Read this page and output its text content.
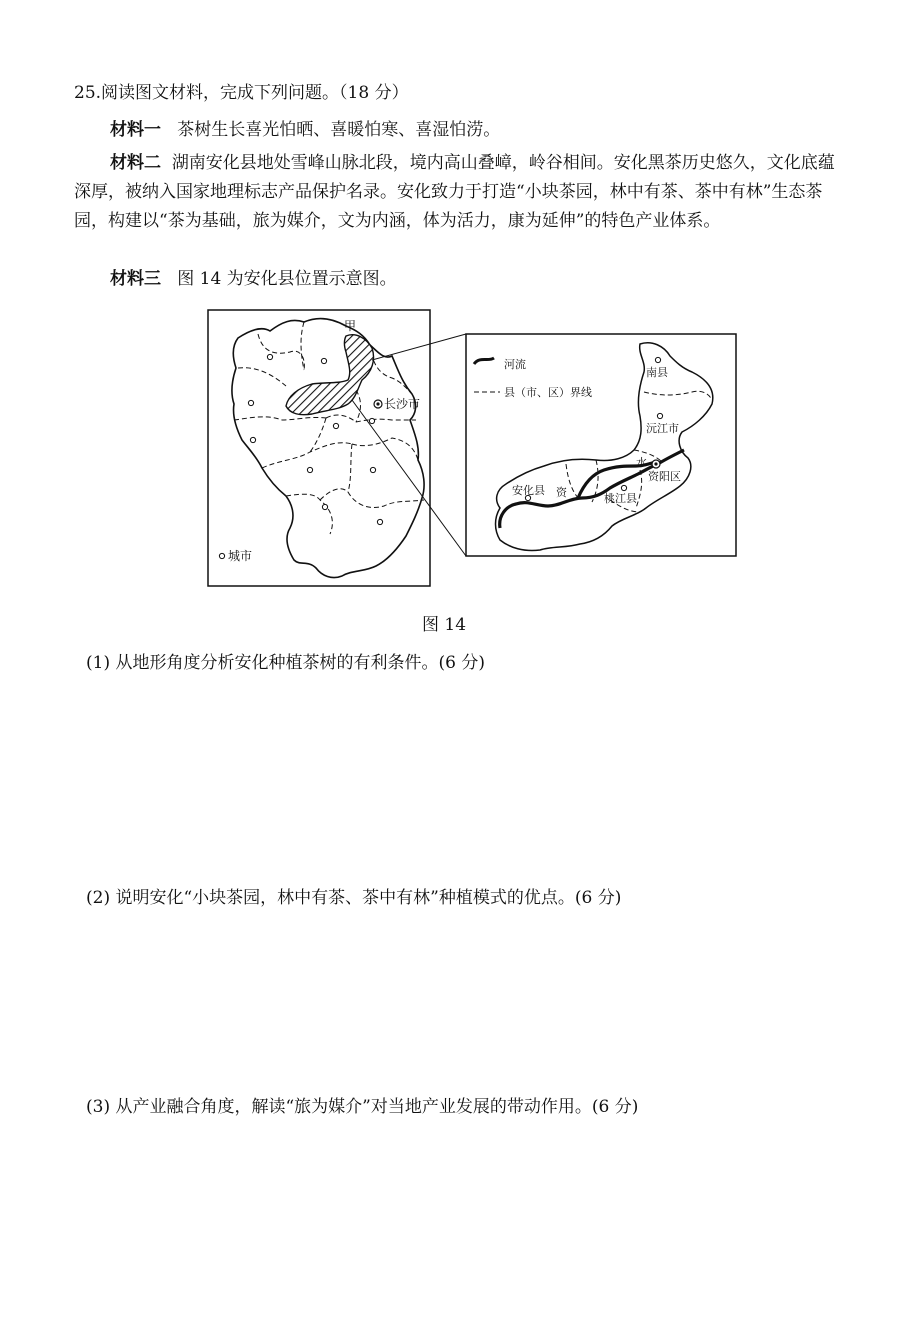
25.阅读图文材料，完成下列问题。（18 分）
材料一 茶树生长喜光怕晒、喜暖怕寒、喜湿怕涝。
材料二 湖南安化县地处雪峰山脉北段，境内高山叠嶂，岭谷相间。安化黑茶历史悠久，文化底蕴深厚，被纳入国家地理标志产品保护名录。安化致力于打造“小块茶园，林中有茶、茶中有林”生态茶园，构建以“茶为基础，旅为媒介，文为内涵，体为活力，康为延伸”的特色产业体系。
材料三 图 14 为安化县位置示意图。
甲
长沙市
城市
河流
县（市、区）界线
南县
沅江市
水
资阳区
安化县 资	桃江县
图 14
(1) 从地形角度分析安化种植茶树的有利条件。(6 分)
(2) 说明安化“小块茶园，林中有茶、茶中有林”种植模式的优点。(6 分)
(3) 从产业融合角度，解读“旅为媒介”对当地产业发展的带动作用。(6 分)
